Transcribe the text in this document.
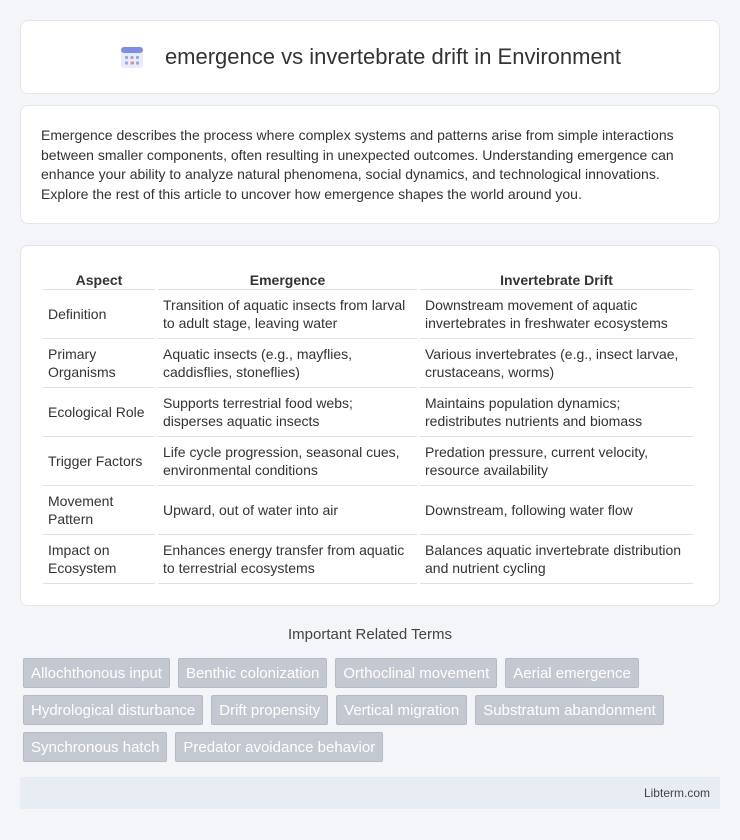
emergence vs invertebrate drift in Environment

Emergence describes the process where complex systems and patterns arise from simple interactions between smaller components, often resulting in unexpected outcomes. Understanding emergence can enhance your ability to analyze natural phenomena, social dynamics, and technological innovations. Explore the rest of this article to uncover how emergence shapes the world around you.

Aspect	Emergence	Invertebrate Drift
Definition	Transition of aquatic insects from larval to adult stage, leaving water	Downstream movement of aquatic invertebrates in freshwater ecosystems
Primary Organisms	Aquatic insects (e.g., mayflies, caddisflies, stoneflies)	Various invertebrates (e.g., insect larvae, crustaceans, worms)
Ecological Role	Supports terrestrial food webs; disperses aquatic insects	Maintains population dynamics; redistributes nutrients and biomass
Trigger Factors	Life cycle progression, seasonal cues, environmental conditions	Predation pressure, current velocity, resource availability
Movement Pattern	Upward, out of water into air	Downstream, following water flow
Impact on Ecosystem	Enhances energy transfer from aquatic to terrestrial ecosystems	Balances aquatic invertebrate distribution and nutrient cycling
Important Related Terms
Allochthonous input	Benthic colonization	Orthoclinal movement	Aerial emergence
Hydrological disturbance	Drift propensity	Vertical migration	Substratum abandonment
Synchronous hatch	Predator avoidance behavior
Libterm.com
